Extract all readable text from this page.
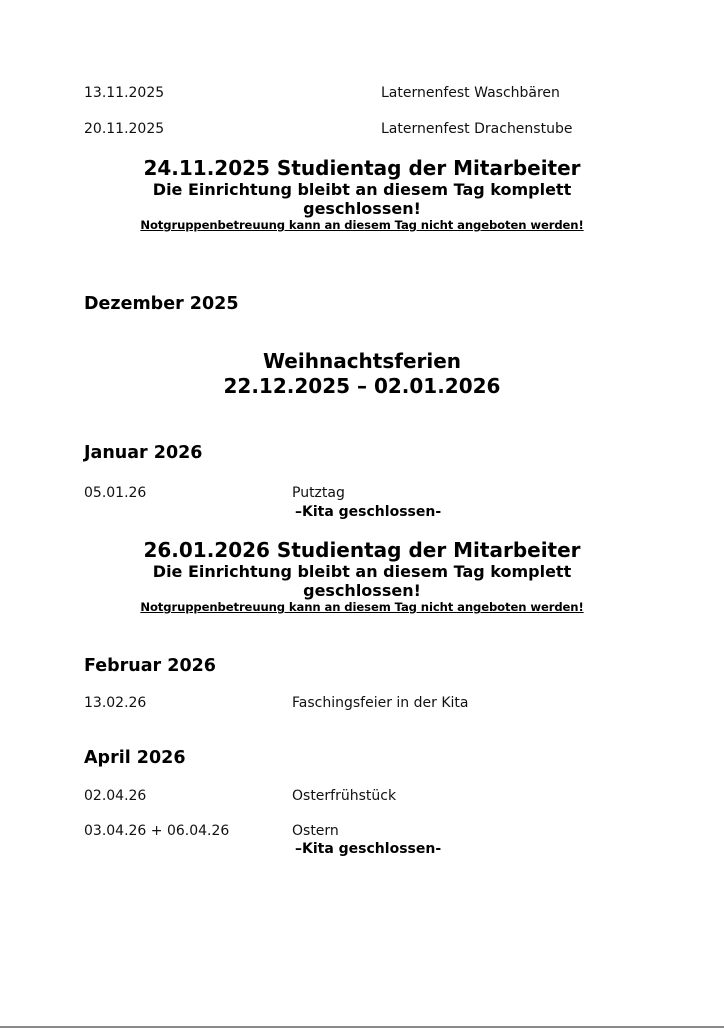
13.11.2025	Laternenfest Waschbären
20.11.2025	Laternenfest Drachenstube
24.11.2025 Studientag der Mitarbeiter
Die Einrichtung bleibt an diesem Tag komplett
geschlossen!
Notgruppenbetreuung kann an diesem Tag nicht angeboten werden!
Dezember 2025
Weihnachtsferien
22.12.2025 – 02.01.2026
Januar 2026
05.01.26	Putztag
–Kita geschlossen-
26.01.2026 Studientag der Mitarbeiter
Die Einrichtung bleibt an diesem Tag komplett
geschlossen!
Notgruppenbetreuung kann an diesem Tag nicht angeboten werden!
Februar 2026
13.02.26	Faschingsfeier in der Kita
April 2026
02.04.26	Osterfrühstück
03.04.26 + 06.04.26	Ostern
–Kita geschlossen-
